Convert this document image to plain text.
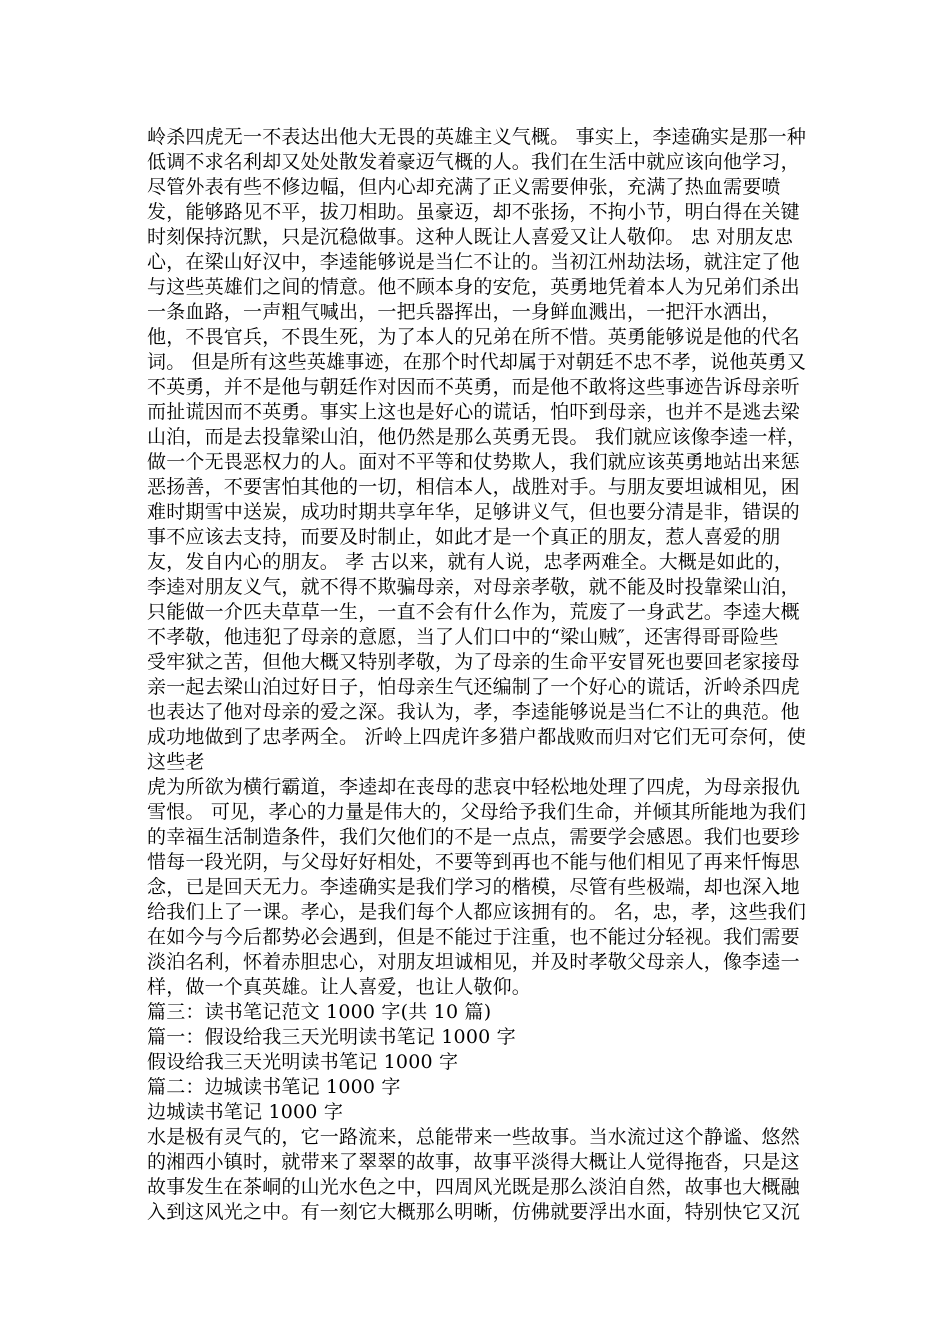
岭杀四虎无一不表达出他大无畏的英雄主义气概。 事实上，李逵确实是那一种
低调不求名利却又处处散发着豪迈气概的人。我们在生活中就应该向他学习，
尽管外表有些不修边幅，但内心却充满了正义需要伸张，充满了热血需要喷
发，能够路见不平，拔刀相助。虽豪迈，却不张扬，不拘小节，明白得在关键
时刻保持沉默，只是沉稳做事。这种人既让人喜爱又让人敬仰。 忠 对朋友忠
心，在梁山好汉中，李逵能够说是当仁不让的。当初江州劫法场，就注定了他
与这些英雄们之间的情意。他不顾本身的安危，英勇地凭着本人为兄弟们杀出
一条血路，一声粗气喊出，一把兵器挥出，一身鲜血溅出，一把汗水洒出，
他，不畏官兵，不畏生死，为了本人的兄弟在所不惜。英勇能够说是他的代名
词。 但是所有这些英雄事迹，在那个时代却属于对朝廷不忠不孝，说他英勇又
不英勇，并不是他与朝廷作对因而不英勇，而是他不敢将这些事迹告诉母亲听
而扯谎因而不英勇。事实上这也是好心的谎话，怕吓到母亲，也并不是逃去梁
山泊，而是去投靠梁山泊，他仍然是那么英勇无畏。 我们就应该像李逵一样，
做一个无畏恶权力的人。面对不平等和仗势欺人，我们就应该英勇地站出来惩
恶扬善，不要害怕其他的一切，相信本人，战胜对手。与朋友要坦诚相见，困
难时期雪中送炭，成功时期共享年华，足够讲义气，但也要分清是非，错误的
事不应该去支持，而要及时制止，如此才是一个真正的朋友，惹人喜爱的朋
友，发自内心的朋友。 孝 古以来，就有人说，忠孝两难全。大概是如此的，
李逵对朋友义气，就不得不欺骗母亲，对母亲孝敬，就不能及时投靠梁山泊，
只能做一介匹夫草草一生，一直不会有什么作为，荒废了一身武艺。李逵大概
不孝敬，他违犯了母亲的意愿，当了人们口中的“梁山贼″，还害得哥哥险些
受牢狱之苦，但他大概又特别孝敬，为了母亲的生命平安冒死也要回老家接母
亲一起去梁山泊过好日子，怕母亲生气还编制了一个好心的谎话，沂岭杀四虎
也表达了他对母亲的爱之深。我认为，孝，李逵能够说是当仁不让的典范。他
成功地做到了忠孝两全。 沂岭上四虎许多猎户都战败而归对它们无可奈何，使
这些老
虎为所欲为横行霸道，李逵却在丧母的悲哀中轻松地处理了四虎，为母亲报仇
雪恨。 可见，孝心的力量是伟大的，父母给予我们生命，并倾其所能地为我们
的幸福生活制造条件，我们欠他们的不是一点点，需要学会感恩。我们也要珍
惜每一段光阴，与父母好好相处，不要等到再也不能与他们相见了再来忏悔思
念，已是回天无力。李逵确实是我们学习的楷模，尽管有些极端，却也深入地
给我们上了一课。孝心，是我们每个人都应该拥有的。 名，忠，孝，这些我们
在如今与今后都势必会遇到，但是不能过于注重，也不能过分轻视。我们需要
淡泊名利，怀着赤胆忠心，对朋友坦诚相见，并及时孝敬父母亲人，像李逵一
样，做一个真英雄。让人喜爱，也让人敬仰。
篇三：读书笔记范文 1000 字(共 10 篇)
篇一：假设给我三天光明读书笔记 1000 字
假设给我三天光明读书笔记 1000 字
篇二：边城读书笔记 1000 字
边城读书笔记 1000 字
水是极有灵气的，它一路流来，总能带来一些故事。当水流过这个静谧、悠然
的湘西小镇时，就带来了翠翠的故事，故事平淡得大概让人觉得拖沓，只是这
故事发生在茶峒的山光水色之中，四周风光既是那么淡泊自然，故事也大概融
入到这风光之中。有一刻它大概那么明晰，仿佛就要浮出水面，特别快它又沉
